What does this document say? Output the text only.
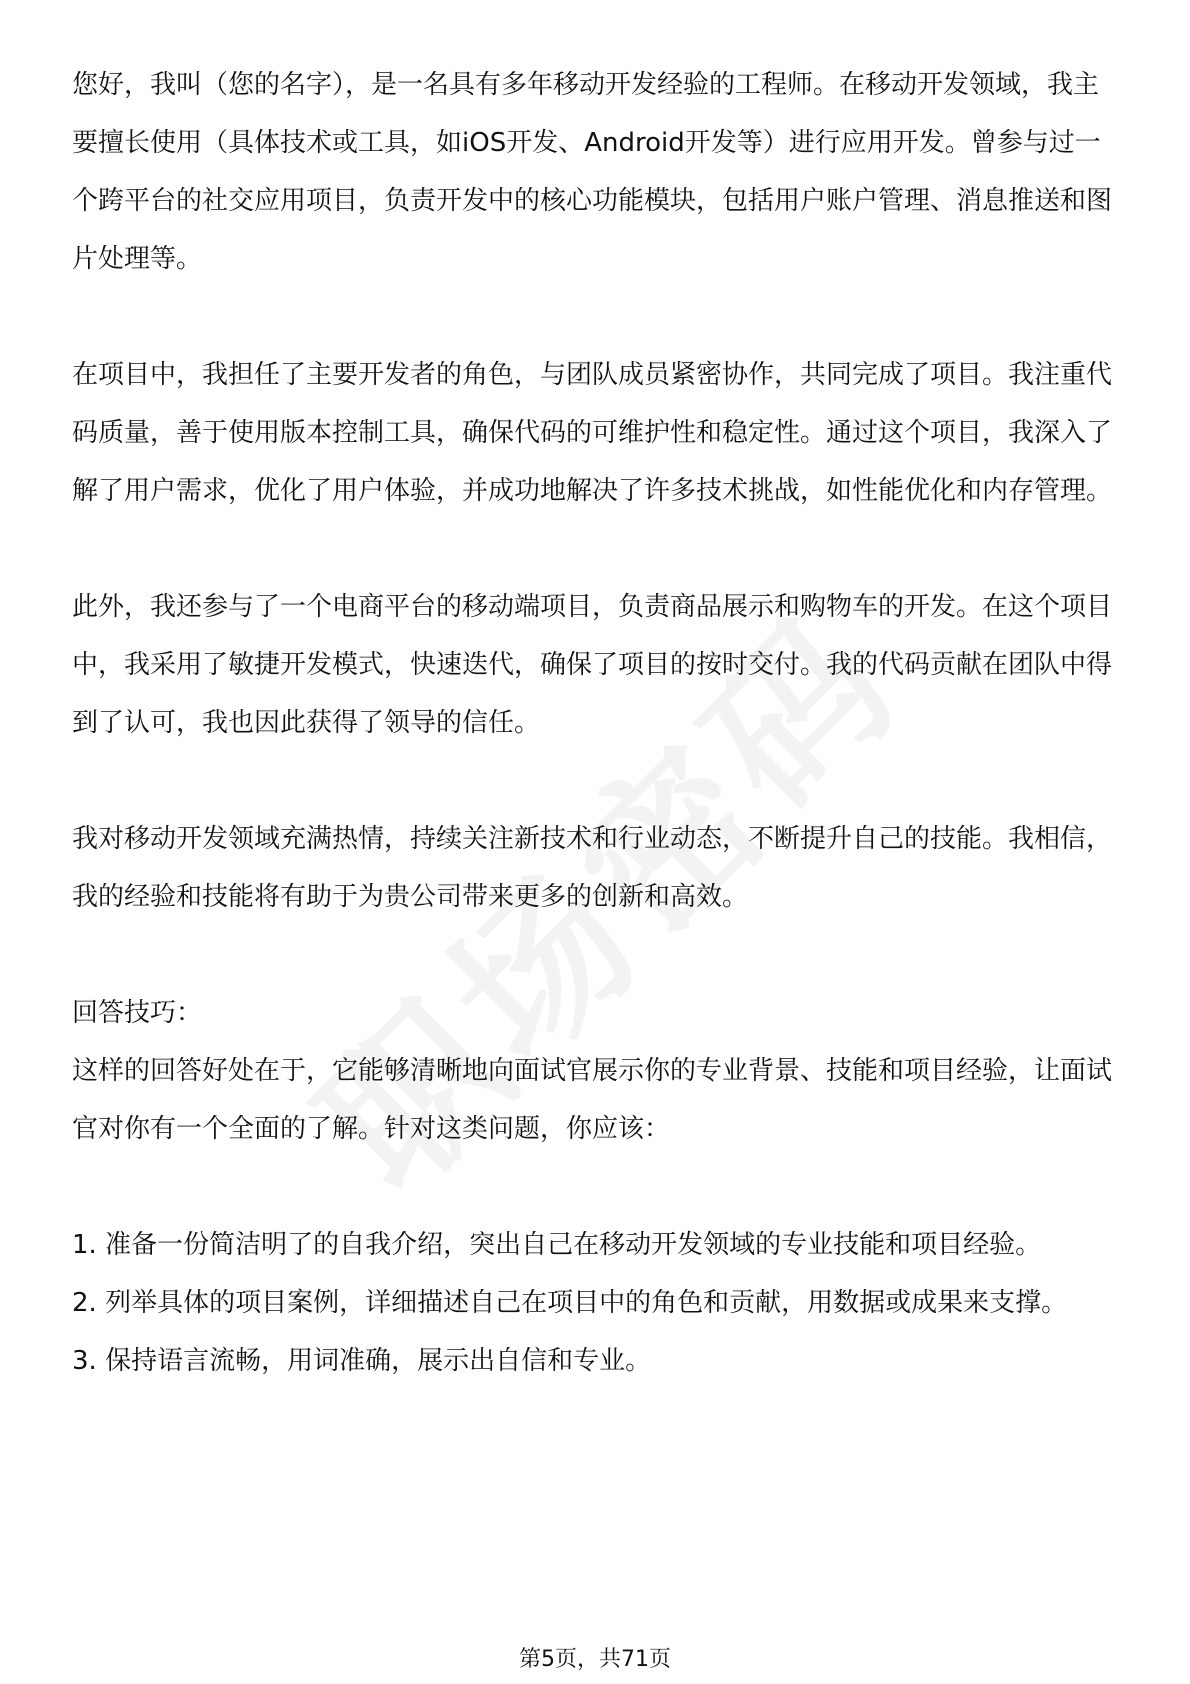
您好，我叫（您的名字），是一名具有多年移动开发经验的工程师。在移动开发领域，我主要擅长使用（具体技术或工具，如iOS开发、Android开发等）进行应用开发。曾参与过一个跨平台的社交应用项目，负责开发中的核心功能模块，包括用户账户管理、消息推送和图片处理等。

在项目中，我担任了主要开发者的角色，与团队成员紧密协作，共同完成了项目。我注重代码质量，善于使用版本控制工具，确保代码的可维护性和稳定性。通过这个项目，我深入了解了用户需求，优化了用户体验，并成功地解决了许多技术挑战，如性能优化和内存管理。

此外，我还参与了一个电商平台的移动端项目，负责商品展示和购物车的开发。在这个项目中，我采用了敏捷开发模式，快速迭代，确保了项目的按时交付。我的代码贡献在团队中得到了认可，我也因此获得了领导的信任。

我对移动开发领域充满热情，持续关注新技术和行业动态，不断提升自己的技能。我相信，我的经验和技能将有助于为贵公司带来更多的创新和高效。

回答技巧：

这样的回答好处在于，它能够清晰地向面试官展示你的专业背景、技能和项目经验，让面试官对你有一个全面的了解。针对这类问题，你应该：

1. 准备一份简洁明了的自我介绍，突出自己在移动开发领域的专业技能和项目经验。

2. 列举具体的项目案例，详细描述自己在项目中的角色和贡献，用数据或成果来支撑。

3. 保持语言流畅，用词准确，展示出自信和专业。

第5页，共71页
